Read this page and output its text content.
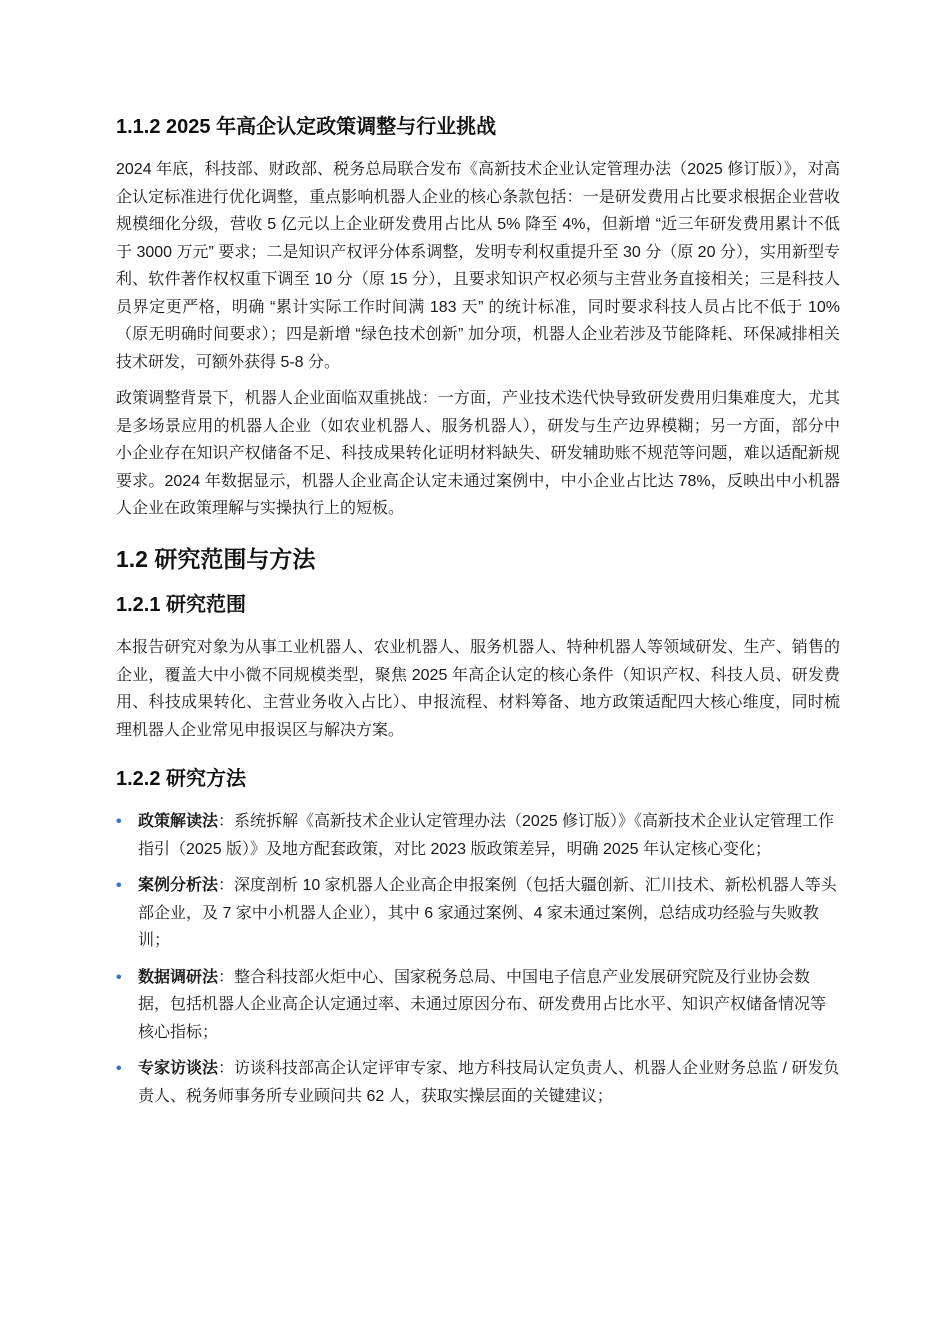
1.1.2 2025 年高企认定政策调整与行业挑战

2024 年底，科技部、财政部、税务总局联合发布《高新技术企业认定管理办法（2025 修订版）》，对高企认定标准进行优化调整，重点影响机器人企业的核心条款包括：一是研发费用占比要求根据企业营收规模细化分级，营收 5 亿元以上企业研发费用占比从 5% 降至 4%，但新增 “近三年研发费用累计不低于 3000 万元” 要求；二是知识产权评分体系调整，发明专利权重提升至 30 分（原 20 分），实用新型专利、软件著作权权重下调至 10 分（原 15 分），且要求知识产权必须与主营业务直接相关；三是科技人员界定更严格，明确 “累计实际工作时间满 183 天” 的统计标准，同时要求科技人员占比不低于 10%（原无明确时间要求）；四是新增 “绿色技术创新” 加分项，机器人企业若涉及节能降耗、环保减排相关技术研发，可额外获得 5-8 分。

政策调整背景下，机器人企业面临双重挑战：一方面，产业技术迭代快导致研发费用归集难度大，尤其是多场景应用的机器人企业（如农业机器人、服务机器人），研发与生产边界模糊；另一方面，部分中小企业存在知识产权储备不足、科技成果转化证明材料缺失、研发辅助账不规范等问题，难以适配新规要求。2024 年数据显示，机器人企业高企认定未通过案例中，中小企业占比达 78%，反映出中小机器人企业在政策理解与实操执行上的短板。

1.2 研究范围与方法
1.2.1 研究范围

本报告研究对象为从事工业机器人、农业机器人、服务机器人、特种机器人等领域研发、生产、销售的企业，覆盖大中小微不同规模类型，聚焦 2025 年高企认定的核心条件（知识产权、科技人员、研发费用、科技成果转化、主营业务收入占比）、申报流程、材料筹备、地方政策适配四大核心维度，同时梳理机器人企业常见申报误区与解决方案。

1.2.2 研究方法
• 政策解读法：系统拆解《高新技术企业认定管理办法（2025 修订版）》《高新技术企业认定管理工作指引（2025 版）》及地方配套政策，对比 2023 版政策差异，明确 2025 年认定核心变化；
• 案例分析法：深度剖析 10 家机器人企业高企申报案例（包括大疆创新、汇川技术、新松机器人等头部企业，及 7 家中小机器人企业），其中 6 家通过案例、4 家未通过案例，总结成功经验与失败教训；
• 数据调研法：整合科技部火炬中心、国家税务总局、中国电子信息产业发展研究院及行业协会数据，包括机器人企业高企认定通过率、未通过原因分布、研发费用占比水平、知识产权储备情况等核心指标；
• 专家访谈法：访谈科技部高企认定评审专家、地方科技局认定负责人、机器人企业财务总监 / 研发负责人、税务师事务所专业顾问共 62 人，获取实操层面的关键建议；
